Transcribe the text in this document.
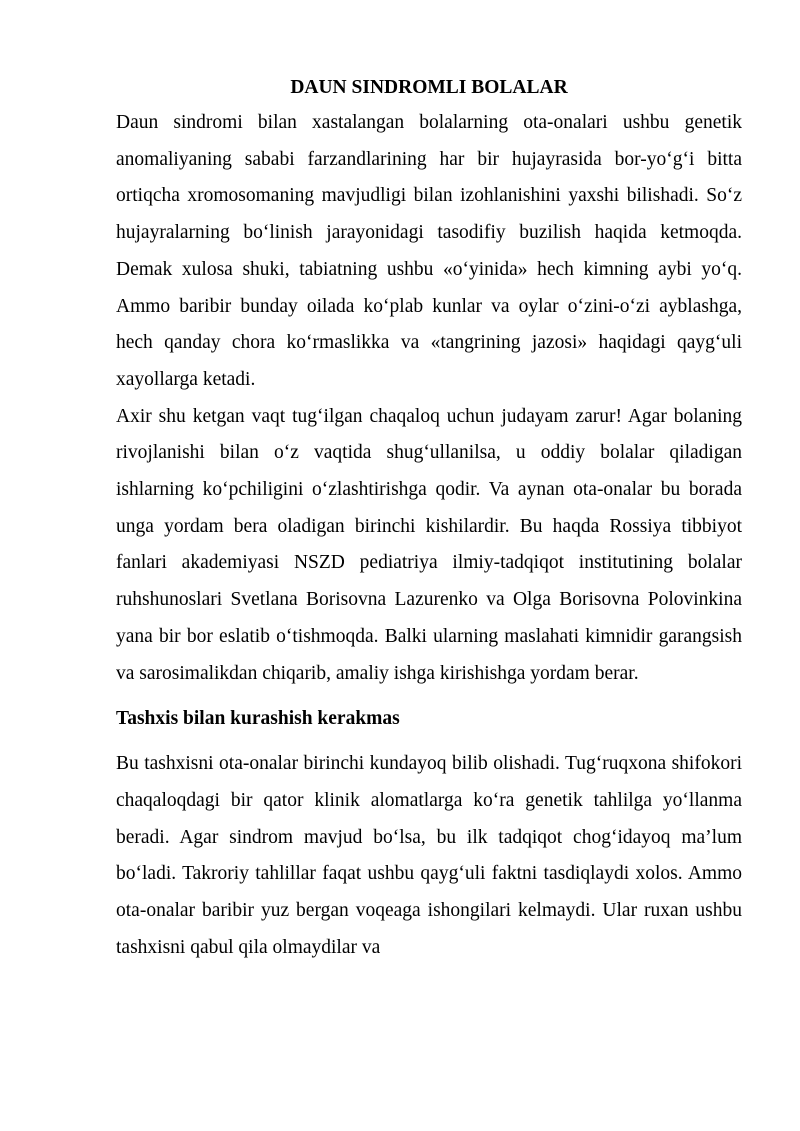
DAUN SINDROMLI BOLALAR

Daun sindromi bilan xastalangan bolalarning ota-onalari ushbu genetik anomaliyaning sababi farzandlarining har bir hujayrasida bor-yo‘g‘i bitta ortiqcha xromosomaning mavjudligi bilan izohlanishini yaxshi bilishadi. So‘z hujayralarning bo‘linish jarayonidagi tasodifiy buzilish haqida ketmoqda. Demak xulosa shuki, tabiatning ushbu «o‘yinida» hech kimning aybi yo‘q. Ammo baribir bunday oilada ko‘plab kunlar va oylar o‘zini-o‘zi ayblashga, hech qanday chora ko‘rmaslikka va «tangrining jazosi» haqidagi qayg‘uli xayollarga ketadi.

Axir shu ketgan vaqt tug‘ilgan chaqaloq uchun judayam zarur! Agar bolaning rivojlanishi bilan o‘z vaqtida shug‘ullanilsa, u oddiy bolalar qiladigan ishlarning ko‘pchiligini o‘zlashtirishga qodir. Va aynan ota-onalar bu borada unga yordam bera oladigan birinchi kishilardir. Bu haqda Rossiya tibbiyot fanlari akademiyasi NSZD pediatriya ilmiy-tadqiqot institutining bolalar ruhshunoslari Svetlana Borisovna Lazurenko va Olga Borisovna Polovinkina yana bir bor eslatib o‘tishmoqda. Balki ularning maslahati kimnidir garangsish va sarosimalikdan chiqarib, amaliy ishga kirishishga yordam berar.

Tashxis bilan kurashish kerakmas

Bu tashxisni ota-onalar birinchi kundayoq bilib olishadi. Tug‘ruqxona shifokori chaqaloqdagi bir qator klinik alomatlarga ko‘ra genetik tahlilga yo‘llanma beradi. Agar sindrom mavjud bo‘lsa, bu ilk tadqiqot chog‘idayoq ma’lum bo‘ladi. Takroriy tahlillar faqat ushbu qayg‘uli faktni tasdiqlaydi xolos. Ammo ota-onalar baribir yuz bergan voqeaga ishongilari kelmaydi. Ular ruxan ushbu tashxisni qabul qila olmaydilar va
